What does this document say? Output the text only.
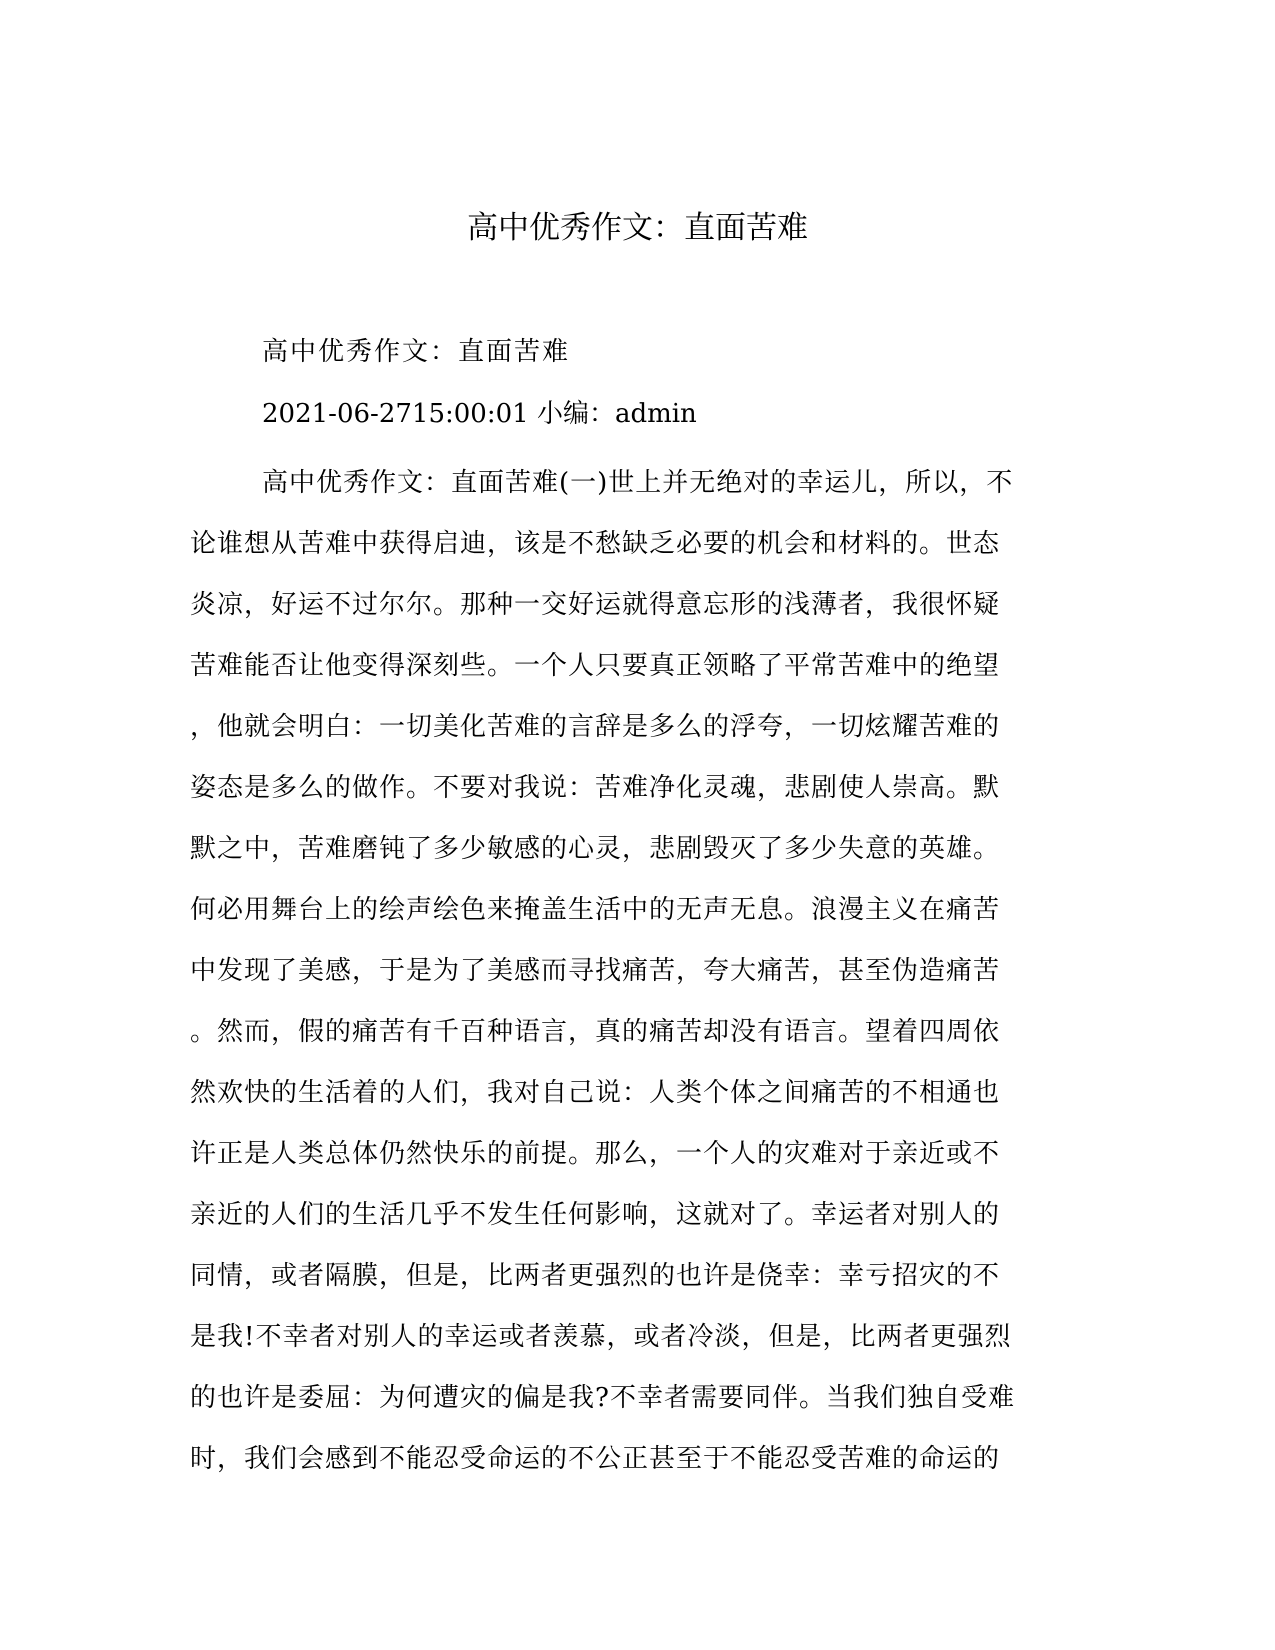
高中优秀作文：直面苦难

高中优秀作文：直面苦难

2021-06-2715:00:01 小编：admin

高中优秀作文：直面苦难(一)世上并无绝对的幸运儿，所以，不
论谁想从苦难中获得启迪，该是不愁缺乏必要的机会和材料的。世态
炎凉，好运不过尔尔。那种一交好运就得意忘形的浅薄者，我很怀疑
苦难能否让他变得深刻些。一个人只要真正领略了平常苦难中的绝望
，他就会明白：一切美化苦难的言辞是多么的浮夸，一切炫耀苦难的
姿态是多么的做作。不要对我说：苦难净化灵魂，悲剧使人崇高。默
默之中，苦难磨钝了多少敏感的心灵，悲剧毁灭了多少失意的英雄。
何必用舞台上的绘声绘色来掩盖生活中的无声无息。浪漫主义在痛苦
中发现了美感，于是为了美感而寻找痛苦，夸大痛苦，甚至伪造痛苦
。然而，假的痛苦有千百种语言，真的痛苦却没有语言。望着四周依
然欢快的生活着的人们，我对自己说：人类个体之间痛苦的不相通也
许正是人类总体仍然快乐的前提。那么，一个人的灾难对于亲近或不
亲近的人们的生活几乎不发生任何影响，这就对了。幸运者对别人的
同情，或者隔膜，但是，比两者更强烈的也许是侥幸：幸亏招灾的不
是我!不幸者对别人的幸运或者羡慕，或者冷淡，但是，比两者更强烈
的也许是委屈：为何遭灾的偏是我?不幸者需要同伴。当我们独自受难
时，我们会感到不能忍受命运的不公正甚至于不能忍受苦难的命运的
